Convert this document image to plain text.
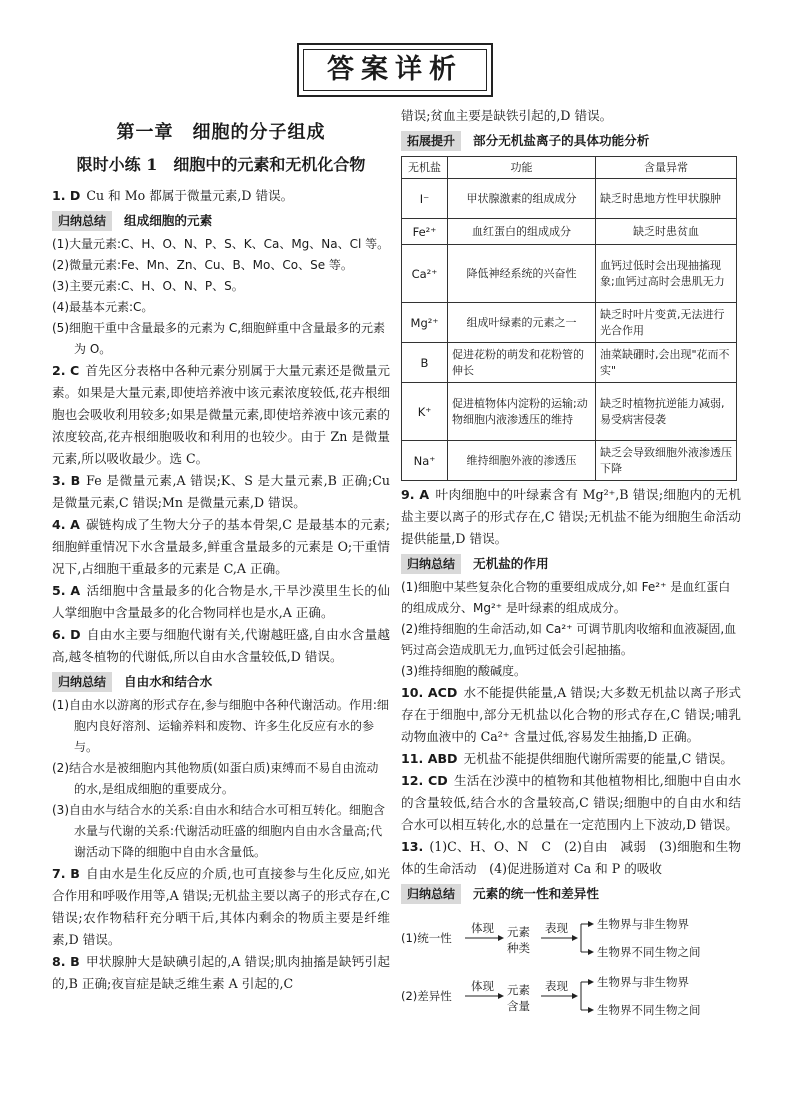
答案详析
第一章　细胞的分子组成
限时小练 1　细胞中的元素和无机化合物
1. D Cu 和 Mo 都属于微量元素,D 错误。
归纳总结	组成细胞的元素
(1)大量元素:C、H、O、N、P、S、K、Ca、Mg、Na、Cl 等。
(2)微量元素:Fe、Mn、Zn、Cu、B、Mo、Co、Se 等。
(3)主要元素:C、H、O、N、P、S。
(4)最基本元素:C。
(5)细胞干重中含量最多的元素为 C,细胞鲜重中含量最多的元素为 O。
2. C 首先区分表格中各种元素分别属于大量元素还是微量元素。如果是大量元素,即使培养液中该元素浓度较低,花卉根细胞也会吸收利用较多;如果是微量元素,即使培养液中该元素的浓度较高,花卉根细胞吸收和利用的也较少。由于 Zn 是微量元素,所以吸收最少。选 C。
3. B Fe 是微量元素,A 错误;K、S 是大量元素,B 正确;Cu 是微量元素,C 错误;Mn 是微量元素,D 错误。
4. A 碳链构成了生物大分子的基本骨架,C 是最基本的元素;细胞鲜重情况下水含量最多,鲜重含量最多的元素是 O;干重情况下,占细胞干重最多的元素是 C,A 正确。
5. A 活细胞中含量最多的化合物是水,干旱沙漠里生长的仙人掌细胞中含量最多的化合物同样也是水,A 正确。
6. D 自由水主要与细胞代谢有关,代谢越旺盛,自由水含量越高,越冬植物的代谢低,所以自由水含量较低,D 错误。
归纳总结	自由水和结合水
(1)自由水以游离的形式存在,参与细胞中各种代谢活动。作用:细胞内良好溶剂、运输养料和废物、许多生化反应有水的参与。
(2)结合水是被细胞内其他物质(如蛋白质)束缚而不易自由流动的水,是组成细胞的重要成分。
(3)自由水与结合水的关系:自由水和结合水可相互转化。细胞含水量与代谢的关系:代谢活动旺盛的细胞内自由水含量高;代谢活动下降的细胞中自由水含量低。
7. B 自由水是生化反应的介质,也可直接参与生化反应,如光合作用和呼吸作用等,A 错误;无机盐主要以离子的形式存在,C 错误;农作物秸秆充分晒干后,其体内剩余的物质主要是纤维素,D 错误。
8. B 甲状腺肿大是缺碘引起的,A 错误;肌肉抽搐是缺钙引起的,B 正确;夜盲症是缺乏维生素 A 引起的,C
错误;贫血主要是缺铁引起的,D 错误。
拓展提升	部分无机盐离子的具体功能分析
无机盐	功能	含量异常
I⁻	甲状腺激素的组成成分	缺乏时患地方性甲状腺肿
Fe²⁺	血红蛋白的组成成分	缺乏时患贫血
Ca²⁺	降低神经系统的兴奋性	血钙过低时会出现抽搐现象;血钙过高时会患肌无力
Mg²⁺	组成叶绿素的元素之一	缺乏时叶片变黄,无法进行光合作用
B	促进花粉的萌发和花粉管的伸长	油菜缺硼时,会出现"花而不实"
K⁺	促进植物体内淀粉的运输;动物细胞内液渗透压的维持	缺乏时植物抗逆能力减弱,易受病害侵袭
Na⁺	维持细胞外液的渗透压	缺乏会导致细胞外液渗透压下降
9. A 叶肉细胞中的叶绿素含有 Mg²⁺,B 错误;细胞内的无机盐主要以离子的形式存在,C 错误;无机盐不能为细胞生命活动提供能量,D 错误。
归纳总结	无机盐的作用
(1)细胞中某些复杂化合物的重要组成成分,如 Fe²⁺ 是血红蛋白的组成成分、Mg²⁺ 是叶绿素的组成成分。
(2)维持细胞的生命活动,如 Ca²⁺ 可调节肌肉收缩和血液凝固,血钙过高会造成肌无力,血钙过低会引起抽搐。
(3)维持细胞的酸碱度。
10. ACD 水不能提供能量,A 错误;大多数无机盐以离子形式存在于细胞中,部分无机盐以化合物的形式存在,C 错误;哺乳动物血液中的 Ca²⁺ 含量过低,容易发生抽搐,D 正确。
11. ABD 无机盐不能提供细胞代谢所需要的能量,C 错误。
12. CD 生活在沙漠中的植物和其他植物相比,细胞中自由水的含量较低,结合水的含量较高,C 错误;细胞中的自由水和结合水可以相互转化,水的总量在一定范围内上下波动,D 错误。
13. (1)C、H、O、N　C　(2)自由　减弱　(3)细胞和生物体的生命活动　(4)促进肠道对 Ca 和 P 的吸收
归纳总结	元素的统一性和差异性
(1)统一性
体现 元素
种类
表现	生物界与非生物界
生物界不同生物之间
(2)差异性
体现 元素
含量
表现	生物界与非生物界
生物界不同生物之间
